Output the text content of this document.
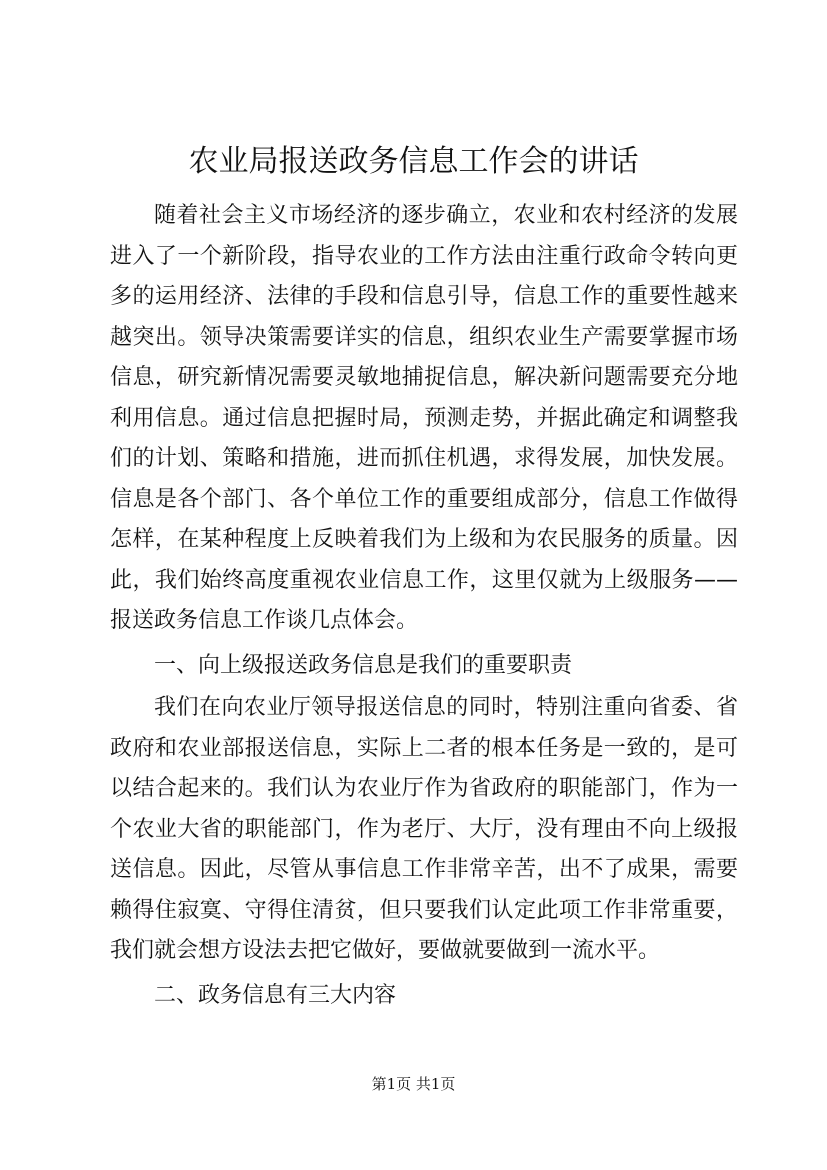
农业局报送政务信息工作会的讲话

随着社会主义市场经济的逐步确立，农业和农村经济的发展进入了一个新阶段，指导农业的工作方法由注重行政命令转向更多的运用经济、法律的手段和信息引导，信息工作的重要性越来越突出。领导决策需要详实的信息，组织农业生产需要掌握市场信息，研究新情况需要灵敏地捕捉信息，解决新问题需要充分地利用信息。通过信息把握时局，预测走势，并据此确定和调整我们的计划、策略和措施，进而抓住机遇，求得发展，加快发展。信息是各个部门、各个单位工作的重要组成部分，信息工作做得怎样，在某种程度上反映着我们为上级和为农民服务的质量。因此，我们始终高度重视农业信息工作，这里仅就为上级服务——报送政务信息工作谈几点体会。

一、向上级报送政务信息是我们的重要职责

我们在向农业厅领导报送信息的同时，特别注重向省委、省政府和农业部报送信息，实际上二者的根本任务是一致的，是可以结合起来的。我们认为农业厅作为省政府的职能部门，作为一个农业大省的职能部门，作为老厅、大厅，没有理由不向上级报送信息。因此，尽管从事信息工作非常辛苦，出不了成果，需要赖得住寂寞、守得住清贫，但只要我们认定此项工作非常重要，我们就会想方设法去把它做好，要做就要做到一流水平。

二、政务信息有三大内容

第1页 共1页
